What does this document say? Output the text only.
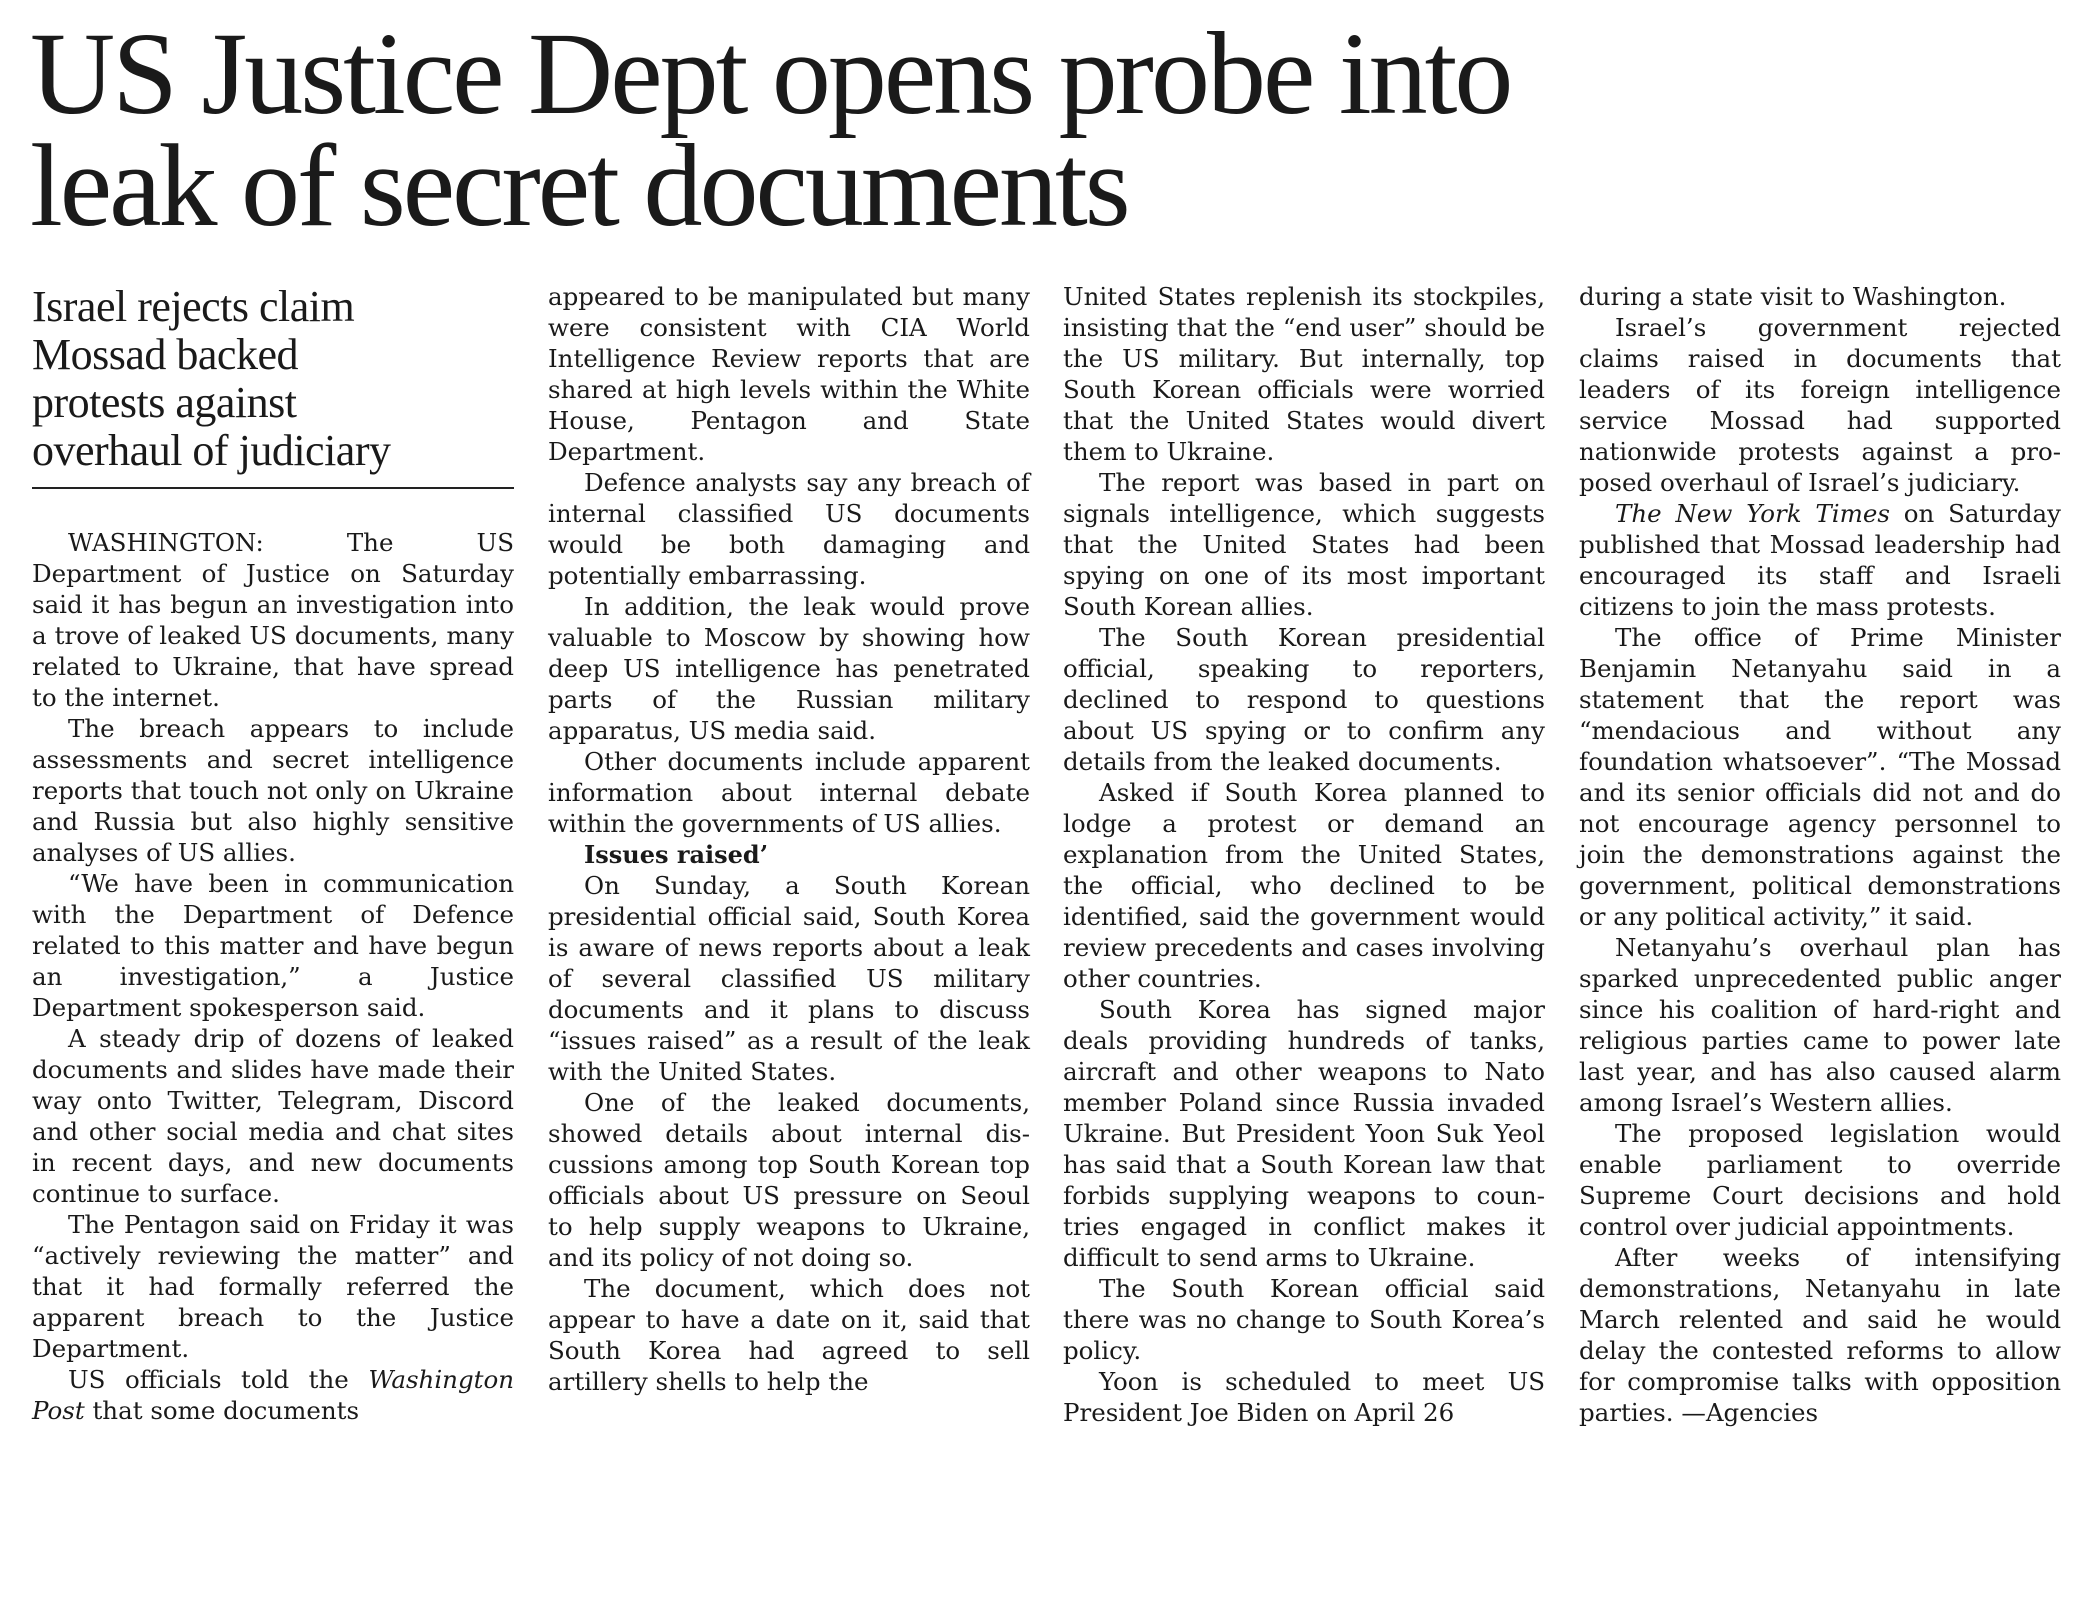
US Justice Dept opens probe into
leak of secret documents
Israel rejects claim
Mossad backed
protests against
overhaul of judiciary

WASHINGTON: The US Department of Justice on Saturday said it has begun an investigation into a trove of leaked US documents, many related to Ukraine, that have spread to the internet.

The breach appears to include assessments and secret intelligence reports that touch not only on Ukraine and Russia but also highly sensitive analyses of US allies.

“We have been in communication with the Department of Defence related to this matter and have begun an investigation,” a Justice Department spokesperson said.

A steady drip of dozens of leaked documents and slides have made their way onto Twitter, Telegram, Discord and other social media and chat sites in recent days, and new documents continue to surface.

The Pentagon said on Friday it was “actively reviewing the matter” and that it had formally referred the apparent breach to the Justice Department.

US officials told the Washington Post that some documents

appeared to be manipulated but many were consistent with CIA World Intelligence Review reports that are shared at high levels within the White House, Pentagon and State Department.

Defence analysts say any breach of internal classified US documents would be both damaging and potentially embarrassing.

In addition, the leak would prove valuable to Moscow by showing how deep US intelligence has penetrated parts of the Russian military apparatus, US media said.

Other documents include apparent information about internal debate within the governments of US allies.

Issues raised’

On Sunday, a South Korean presidential official said, South Korea is aware of news reports about a leak of several classified US military documents and it plans to discuss “issues raised” as a result of the leak with the United States.

One of the leaked documents, showed details about internal discussions among top South Korean top officials about US pressure on Seoul to help supply weapons to Ukraine, and its policy of not doing so.

The document, which does not appear to have a date on it, said that South Korea had agreed to sell artillery shells to help the

United States replenish its stockpiles, insisting that the “end user” should be the US military. But internally, top South Korean officials were worried that the United States would divert them to Ukraine.

The report was based in part on signals intelligence, which suggests that the United States had been spying on one of its most important South Korean allies.

The South Korean presidential official, speaking to reporters, declined to respond to questions about US spying or to confirm any details from the leaked documents.

Asked if South Korea planned to lodge a protest or demand an explanation from the United States, the official, who declined to be identified, said the government would review precedents and cases involving other countries.

South Korea has signed major deals providing hundreds of tanks, aircraft and other weapons to Nato member Poland since Russia invaded Ukraine. But President Yoon Suk Yeol has said that a South Korean law that forbids supplying weapons to countries engaged in conflict makes it difficult to send arms to Ukraine.

The South Korean official said there was no change to South Korea’s policy.

Yoon is scheduled to meet US President Joe Biden on April 26

during a state visit to Washington.

Israel’s government rejected claims raised in documents that leaders of its foreign intelligence service Mossad had supported nationwide protests against a proposed overhaul of Israel’s judiciary.

The New York Times on Saturday published that Mossad leadership had encouraged its staff and Israeli citizens to join the mass protests.

The office of Prime Minister Benjamin Netanyahu said in a statement that the report was “mendacious and without any foundation whatsoever”. “The Mossad and its senior officials did not and do not encourage agency personnel to join the demonstrations against the government, political demonstrations or any political activity,” it said.

Netanyahu’s overhaul plan has sparked unprecedented public anger since his coalition of hard-right and religious parties came to power late last year, and has also caused alarm among Israel’s Western allies.

The proposed legislation would enable parliament to override Supreme Court decisions and hold control over judicial appointments.

After weeks of intensifying demonstrations, Netanyahu in late March relented and said he would delay the contested reforms to allow for compromise talks with opposition parties. —Agencies
